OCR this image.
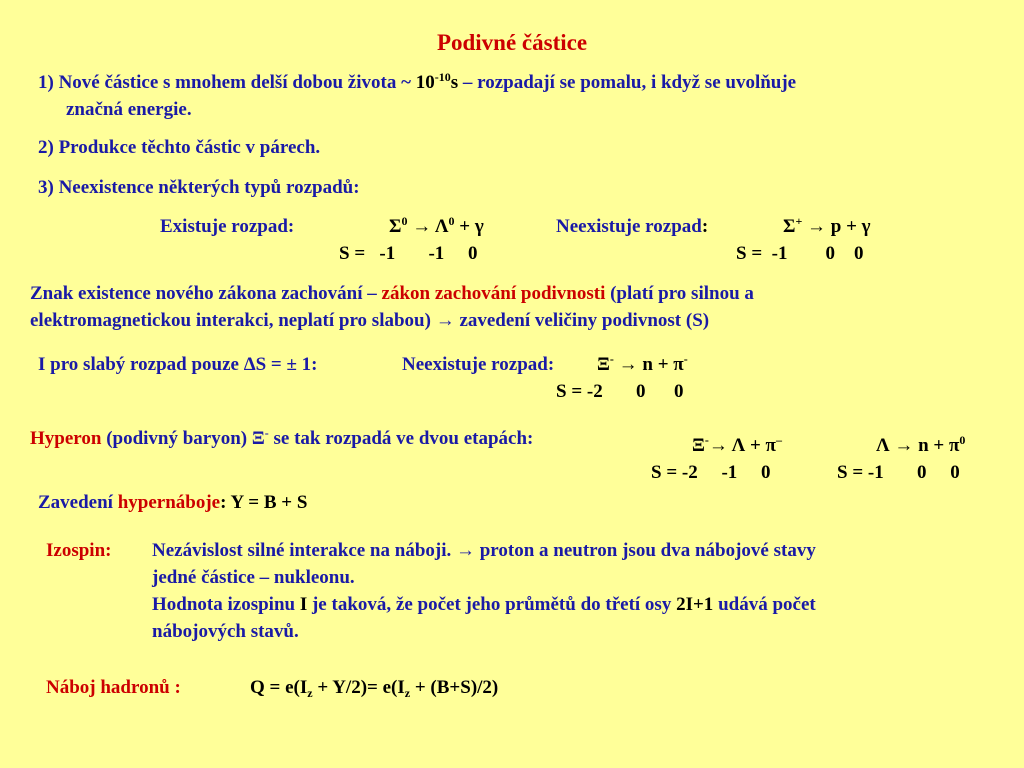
Podivné částice
1) Nové částice s mnohem delší dobou života ~ $10^{-10}s$ – rozpadají se pomalu, i když se uvolňuje
značná energie.
2) Produkce těchto částic v párech.
3) Neexistence některých typů rozpadů:
Existuje rozpad:	$\Sigma^0 \to \Lambda^0 + \gamma$
S =   -1       -1     0
Neexistuje rozpad:	Σ+ → p + γ
S =  -1        0    0
Znak existence nového zákona zachování – zákon zachování podivnosti (platí pro silnou a
elektromagnetickou interakci, neplatí pro slabou) → zavedení veličiny podivnost (S)
I pro slabý rozpad pouze ΔS = ± 1:	Neexistuje rozpad: Ξ- → n + π-
S = -2       0      0
Hyperon (podivný baryon) Ξ- se tak rozpadá ve dvou etapách:	Ξ-→ Λ + π–	$\Lambda \to n + \pi^0$
S = -2     -1     0	S = -1       0     0
Zavedení hypernáboje: Y = B + S
Izospin: Nezávislost silné interakce na náboji. → proton a neutron jsou dva nábojové stavy
jedné částice – nukleonu.
Hodnota izospinu I je taková, že počet jeho průmětů do třetí osy 2I+1 udává počet
nábojových stavů.
Náboj hadronů :	$Q = e(I_z + Y/2)= e(I_z + (B+S)/2)$
